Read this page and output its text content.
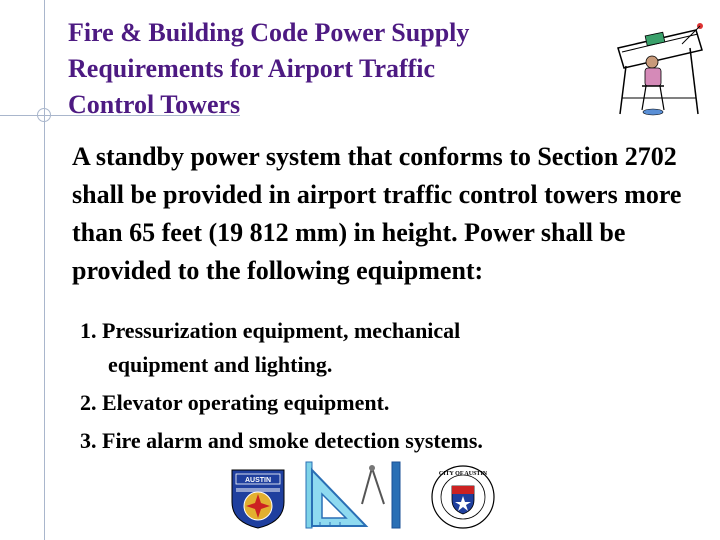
Fire & Building Code Power Supply
Requirements for Airport Traffic
Control Towers

A standby power system that conforms to Section 2702 shall be provided in airport traffic control towers more than 65 feet (19 812 mm) in height. Power shall be provided to the following equipment:

1. Pressurization equipment, mechanical
equipment and lighting.
2. Elevator operating equipment.
3. Fire alarm and smoke detection systems.
AUSTIN
CITY OF AUSTIN
